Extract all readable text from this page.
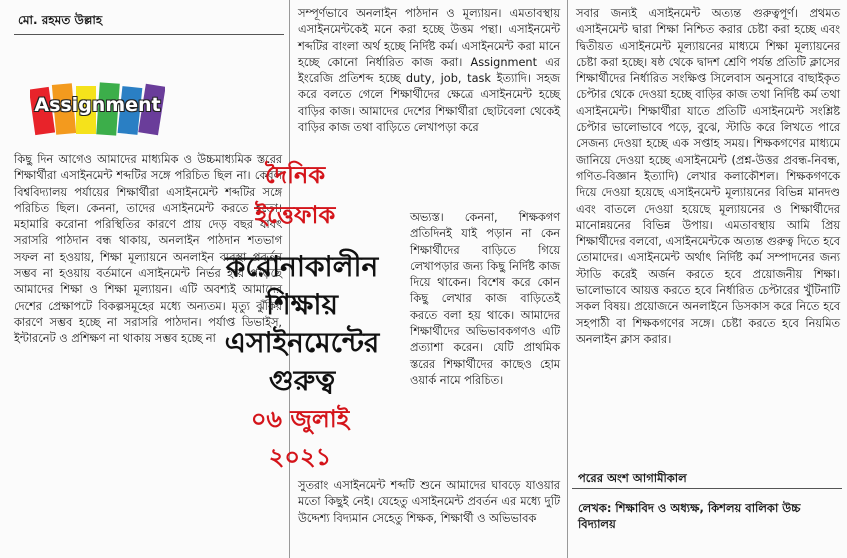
মো. রহমত উল্লাহ
Assignment

কিছু দিন আগেও আমাদের মাধ্যমিক ও উচ্চমাধ্যমিক স্তরের শিক্ষার্থীরা এসাইনমেন্ট শব্দটির সঙ্গে পরিচিত ছিল না। কেবল বিশ্ববিদ্যালয় পর্যায়ের শিক্ষার্থীরা এসাইনমেন্ট শব্দটির সঙ্গে পরিচিত ছিল। কেননা, তাদের এসাইনমেন্ট করতে হতো। মহামারি করোনা পরিস্থিতির কারণে প্রায় দেড় বছর যাবৎ সরাসরি পাঠদান বন্ধ থাকায়, অনলাইন পাঠদান শতভাগ সফল না হওয়ায়, শিক্ষা মূল্যায়নে অনলাইন ব্যবস্থা প্রবর্তন সম্ভব না হওয়ায় বর্তমানে এসাইনমেন্ট নির্ভর হয়ে পড়েছে আমাদের শিক্ষা ও শিক্ষা মূল্যায়ন। এটি অবশ্যই আমাদের দেশের প্রেক্ষাপটে বিকল্পসমূহের মধ্যে অন্যতম। মৃত্যু ঝুঁকির কারণে সম্ভব হচ্ছে না সরাসরি পাঠদান। পর্যাপ্ত ডিভাইস, ইন্টারনেট ও প্রশিক্ষণ না থাকায় সম্ভব হচ্ছে না

সম্পূর্ণভাবে অনলাইন পাঠদান ও মূল্যায়ন। এমতাবস্থায় এসাইনমেন্টকেই মনে করা হচ্ছে উত্তম পন্থা। এসাইনমেন্ট শব্দটির বাংলা অর্থ হচ্ছে নির্দিষ্ট কর্ম। এসাইনমেন্ট করা মানে হচ্ছে কোনো নির্ধারিত কাজ করা। Assignment এর ইংরেজি প্রতিশব্দ হচ্ছে duty, job, task ইত্যাদি। সহজ করে বলতে গেলে শিক্ষার্থীদের ক্ষেত্রে এসাইনমেন্ট হচ্ছে বাড়ির কাজ। আমাদের দেশের শিক্ষার্থীরা ছোটবেলা থেকেই বাড়ির কাজ তথা বাড়িতে লেখাপড়া করে

অভ্যস্ত। কেননা, শিক্ষকগণ প্রতিদিনই যাই পড়ান না কেন শিক্ষার্থীদের বাড়িতে গিয়ে লেখাপড়ার জন্য কিছু নির্দিষ্ট কাজ দিয়ে থাকেন। বিশেষ করে কোন কিছু লেখার কাজ বাড়িতেই করতে বলা হয় থাকে। আমাদের শিক্ষার্থীদের অভিভাবকগণও এটি প্রত্যাশা করেন। যেটি প্রাথমিক স্তরের শিক্ষার্থীদের কাছেও হোম ওয়ার্ক নামে পরিচিত।

সুতরাং এসাইনমেন্ট শব্দটি শুনে আমাদের ঘাবড়ে যাওয়ার মতো কিছুই নেই। যেহেতু এসাইনমেন্ট প্রবর্তন এর মধ্যে দুটি উদ্দেশ্য বিদ্যমান সেহেতু শিক্ষক, শিক্ষার্থী ও অভিভাবক

দৈনিক ইত্তেফাক
করোনাকালীন
শিক্ষায়
এসাইনমেন্টের
গুরুত্ব
০৬ জুলাই
২০২১

সবার জন্যই এসাইনমেন্ট অত্যন্ত গুরুত্বপূর্ণ। প্রথমত এসাইনমেন্ট দ্বারা শিক্ষা নিশ্চিত করার চেষ্টা করা হচ্ছে এবং দ্বিতীয়ত এসাইনমেন্ট মূল্যায়নের মাধ্যমে শিক্ষা মূল্যায়নের চেষ্টা করা হচ্ছে। ষষ্ঠ থেকে দ্বাদশ শ্রেণি পর্যন্ত প্রতিটি ক্লাসের শিক্ষার্থীদের নির্ধারিত সংক্ষিপ্ত সিলেবাস অনুসারে বাছাইকৃত চেপ্টার থেকে দেওয়া হচ্ছে বাড়ির কাজ তথা নির্দিষ্ট কর্ম তথা এসাইনমেন্ট। শিক্ষার্থীরা যাতে প্রতিটি এসাইনমেন্ট সংশ্লিষ্ট চেপ্টার ভালোভাবে পড়ে, বুঝে, স্টাডি করে লিখতে পারে সেজন্য দেওয়া হচ্ছে এক সপ্তাহ সময়। শিক্ষকগণের মাধ্যমে জানিয়ে দেওয়া হচ্ছে এসাইনমেন্ট (প্রশ্ন-উত্তর প্রবন্ধ-নিবন্ধ, গণিত-বিজ্ঞান ইত্যাদি) লেখার কলাকৌশল। শিক্ষকগণকে দিয়ে দেওয়া হয়েছে এসাইনমেন্ট মূল্যায়নের বিভিন্ন মানদণ্ড এবং বাতলে দেওয়া হয়েছে মূল্যায়নের ও শিক্ষার্থীদের মানোন্নয়নের বিভিন্ন উপায়। এমতাবস্থায় আমি প্রিয় শিক্ষার্থীদের বলবো, এসাইনমেন্টকে অত্যন্ত গুরুত্ব দিতে হবে তোমাদের। এসাইনমেন্ট অর্থাৎ নির্দিষ্ট কর্ম সম্পাদনের জন্য স্টাডি করেই অর্জন করতে হবে প্রয়োজনীয় শিক্ষা। ভালোভাবে আয়ত্ত করতে হবে নির্ধারিত চেপ্টারের খুঁটিনাটি সকল বিষয়। প্রয়োজনে অনলাইনে ডিসকাস করে নিতে হবে সহপাঠী বা শিক্ষকগণের সঙ্গে। চেষ্টা করতে হবে নিয়মিত অনলাইন ক্লাস করার।

পরের অংশ আগামীকাল
লেখক: শিক্ষাবিদ ও অধ্যক্ষ, কিশলয় বালিকা উচ্চ বিদ্যালয়
